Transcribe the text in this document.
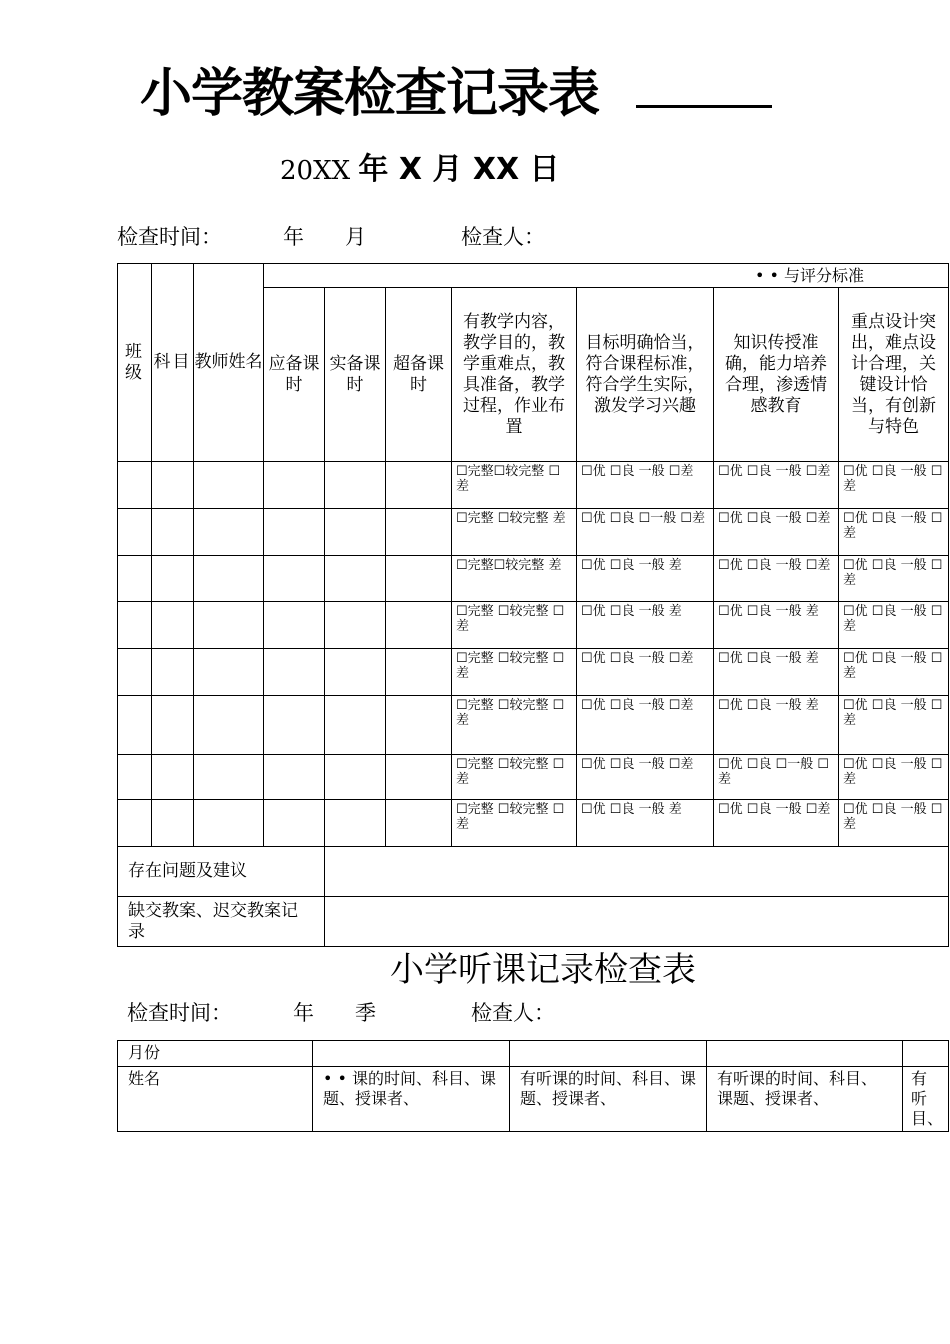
小学教案检查记录表
20XX 年 X 月 XX 日
检查时间：	年 月	检查人：
班级	科目	教师姓名	• • 与评分标准						
			应备课时	实备课时	超备课时	有教学内容，教学目的，教学重难点，教具准备，教学过程，作业布置	目标明确恰当，符合课程标准，符合学生实际，激发学习兴趣	知识传授准确，能力培养合理，渗透情感教育	重点设计突出，难点设计合理，关键设计恰当，有创新与特色
						☐完整☐较完整 ☐差	☐优 ☐良 一般 ☐差	☐优 ☐良 一般 ☐差	☐优 ☐良 一般 ☐差
						☐完整 ☐较完整 差	☐优 ☐良 ☐一般 ☐差	☐优 ☐良 一般 ☐差	☐优 ☐良 一般 ☐差
						☐完整☐较完整 差	☐优 ☐良 一般 差	☐优 ☐良 一般 ☐差	☐优 ☐良 一般 ☐差
						☐完整 ☐较完整 ☐差	☐优 ☐良 一般 差	☐优 ☐良 一般 差	☐优 ☐良 一般 ☐差
						☐完整 ☐较完整 ☐差	☐优 ☐良 一般 ☐差	☐优 ☐良 一般 差	☐优 ☐良 一般 ☐差
						☐完整 ☐较完整 ☐差	☐优 ☐良 一般 ☐差	☐优 ☐良 一般 差	☐优 ☐良 一般 ☐差
						☐完整 ☐较完整 ☐差	☐优 ☐良 一般 ☐差	☐优 ☐良 ☐一般 ☐差	☐优 ☐良 一般 ☐差
						☐完整 ☐较完整 ☐差	☐优 ☐良 一般 差	☐优 ☐良 一般 ☐差	☐优 ☐良 一般 ☐差
存在问题及建议									
缺交教案、迟交教案记录									
小学听课记录检查表
检查时间：	年 季	检查人：
月份				
姓名	• • 课的时间、科目、课题、授课者、	有听课的时间、科目、课题、授课者、	有听课的时间、科目、课题、授课者、	有听目、
